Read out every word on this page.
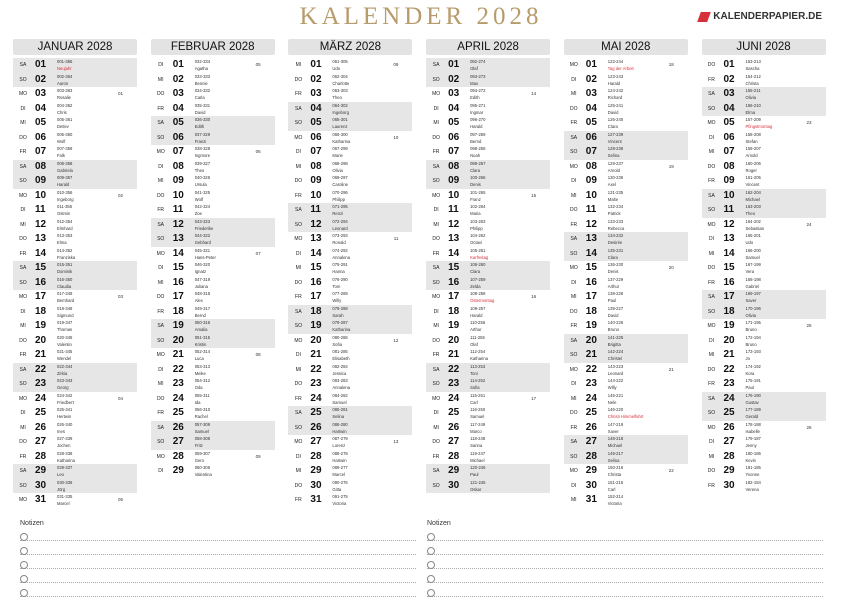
KALENDER 2028	KALENDERPAPIER.DE
JANUAR 2028
SA 01	001-365
Neujahr
SO 02	002-364
Aaron
MO 03	003-363
Rosalie
01
DI 04	004-362
Chris
MI 05	005-361
Detlev
DO 06	006-360
Wolf
FR 07	007-359
Falk
SA 08	008-358
Gabriela
SO 09	009-357
Harald
MO 10	010-356
Ingeborg
02
DI 11	011-355
Ostmin
MI 12	012-354
Elmhard
DO 13	013-353
Elma
FR 14	014-352
Franziska
SA 15	015-351
Dominik
SO 16	016-350
Claudia
MO 17	017-349
Bernhard
03
DI 18	018-348
Sigmund
MI 19	019-347
Thomas
DO 20	020-346
Valentin
FR 21	021-345
Wendel
SA 22	022-344
Zirkia
SO 23	023-343
Georg
MO 24	024-342
Friedbert
04
DI 25	025-341
Hertwin
MI 26	026-340
Ines
DO 27	027-339
Jochen
FR 28	028-338
Katharina
SA 29	029-337
Leo
SO 30	030-336
Jörg
MO 31	031-335
Marcel
05
FEBRUAR 2028
DI 01	032-334
Agatha
05
MI 02	033-333
Bennie
DO 03	034-332
Carla
FR 04	035-331
David
SA 05	036-330
Edith
SO 06	037-329
Franzi
MO 07	038-328
Ingmore
06
DI 08	039-327
Theo
MI 09	040-326
Ursula
DO 10	041-325
Wolf
FR 11	042-324
Zoe
SA 12	043-323
Friederike
SO 13	044-322
Gebhard
MO 14	045-321
Hans-Peter
07
DI 15	046-320
Ignatz
MI 16	047-319
Juliana
DO 17	048-318
Alex
FR 18	049-317
Bernd
SA 19	050-316
Amalia
SO 20	051-315
Kristin
MO 21	052-314
Luca
08
DI 22	053-313
Meike
MI 23	054-312
Oda
DO 24	055-311
Ida
FR 25	056-310
Rachel
SA 26	057-309
Samuel
SO 27	058-308
Fritz
MO 28	059-307
Gero
09
DI 29	060-306
Valentina
MÄRZ 2028
MI 01	061-305
Udo
09
DO 02	062-304
Charlotte
FR 03	063-303
Theo
SA 04	064-302
Ingeborg
SO 05	065-301
Laurenz
MO 06	066-300
Katharina
10
DI 07	067-299
Marie
MI 08	068-298
Olivia
DO 09	069-297
Caroline
FR 10	070-296
Philipp
SA 11	071-295
Renzi
SO 12	072-294
Leonard
MO 13	073-293
Ronald
11
DI 14	074-292
Annalena
MI 15	075-291
Hanna
DO 16	076-290
Tom
FR 17	077-289
Willy
SA 18	078-288
Sarah
SO 19	079-287
Katharina
MO 20	080-286
Sofia
12
DI 21	081-285
Elisabeth
MI 22	082-284
Jessica
DO 23	083-283
Annalena
FR 24	084-282
Samuel
SA 25	085-281
Selina
SO 26	086-280
Hartwin
MO 27	087-279
Lorenz
13
DI 28	088-278
Hartwin
MI 29	089-277
Marcel
DO 30	090-276
Gitta
FR 31	091-275
Victoria
APRIL 2028
SA 01	092-274
Olaf
SO 02	093-273
Max
MO 03	094-272
Edith
14
DI 04	095-271
Ingmar
MI 05	096-270
Harald
DO 06	097-269
Bernd
FR 07	098-268
Noah
SA 08	099-267
Clara
SO 09	100-266
Denis
MO 10	101-265
Franz
15
DI 11	102-264
Maria
MI 12	103-263
Philipp
DO 13	104-262
Octavi
FR 14	105-261
Karfreitag
SA 15	106-260
Clara
SO 16	107-259
Zelda
MO 17	108-258
Ostermontag
16
DI 18	109-257
Harald
MI 19	110-256
Arthur
DO 20	111-255
Olaf
FR 21	112-254
Katharina
SA 22	113-253
Toni
SO 23	114-252
Sofia
MO 24	115-251
Carl
17
DI 25	116-250
Samuel
MI 26	117-249
Marco
DO 27	118-248
Sarina
FR 28	119-247
Michael
SA 29	120-246
Paul
SO 30	121-245
Oskar
MAI 2028
MO 01	122-244
Tag der Arbeit
18
DI 02	123-243
Harald
MI 03	124-242
Richard
DO 04	125-241
David
FR 05	126-240
Clara
SA 06	127-239
Vincent
SO 07	128-238
Selina
MO 08	129-237
Arnold
19
DI 09	130-236
Axel
MI 10	131-235
Malte
DO 11	132-234
Patrick
FR 12	133-233
Rebecca
SA 13	134-232
Desirée
SO 14	135-231
Clara
MO 15	136-230
Denis
20
DI 16	137-229
Arthur
MI 17	138-228
Paul
DO 18	139-227
David
FR 19	140-226
Bruno
SA 20	141-225
Brigitta
SO 21	142-224
Christel
MO 22	143-223
Leonard
21
DI 23	144-222
Willy
MI 24	145-221
Nele
DO 25	146-220
Christi Himmelfahrt
FR 26	147-219
Xaver
SA 27	148-218
Michael
SO 28	149-217
Selina
MO 29	150-216
Christa
22
DI 30	151-215
Carl
MI 31	152-214
Victoria
JUNI 2028
DO 01	153-213
Sascha
FR 02	154-212
Christa
SA 03	155-211
Olivia
SO 04	156-210
Elma
MO 05	157-209
Pfingstmontag
23
DI 06	158-208
Stefan
MI 07	159-207
Arnold
DO 08	160-206
Roger
FR 09	161-205
Vincent
SA 10	162-204
Michael
SO 11	163-203
Theo
MO 12	164-202
Sebastian
24
DI 13	165-201
Udo
MI 14	166-200
Samuel
DO 15	167-199
Vera
FR 16	168-198
Gabriel
SA 17	169-197
Xaver
SO 18	170-196
Olivia
MO 19	171-195
Bruno
25
DI 20	172-194
Bruno
MI 21	173-193
Jo
DO 22	174-192
Kora
FR 23	175-191
Paul
SA 24	176-190
Gustav
SO 25	177-189
Gerald
MO 26	178-188
Isabelle
26
DI 27	179-187
Jenny
MI 28	180-186
Kevin
DO 29	181-185
Yvonne
FR 30	182-184
Verena
Notizen	Notizen
